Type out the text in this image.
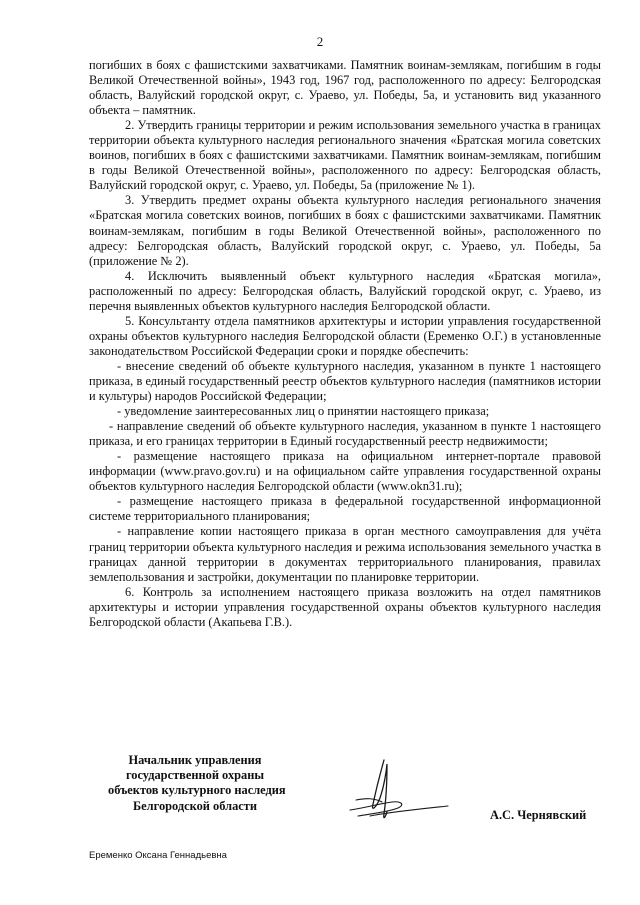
2

погибших в боях с фашистскими захватчиками. Памятник воинам-землякам, погибшим в годы Великой Отечественной войны», 1943 год, 1967 год, расположенного по адресу: Белгородская область, Валуйский городской округ, с. Ураево, ул. Победы, 5а, и установить вид указанного объекта – памятник.

2. Утвердить границы территории и режим использования земельного участка в границах территории объекта культурного наследия регионального значения «Братская могила советских воинов, погибших в боях с фашистскими захватчиками. Памятник воинам-землякам, погибшим в годы Великой Отечественной войны», расположенного по адресу: Белгородская область, Валуйский городской округ, с. Ураево, ул. Победы, 5а (приложение № 1).

3. Утвердить предмет охраны объекта культурного наследия регионального значения «Братская могила советских воинов, погибших в боях с фашистскими захватчиками. Памятник воинам-землякам, погибшим в годы Великой Отечественной войны», расположенного по адресу: Белгородская область, Валуйский городской округ, с. Ураево, ул. Победы, 5а (приложение № 2).

4. Исключить выявленный объект культурного наследия «Братская могила», расположенный по адресу: Белгородская область, Валуйский городской округ, с. Ураево, из перечня выявленных объектов культурного наследия Белгородской области.

5. Консультанту отдела памятников архитектуры и истории управления государственной охраны объектов культурного наследия Белгородской области (Еременко О.Г.) в установленные законодательством Российской Федерации сроки и порядке обеспечить:

- внесение сведений об объекте культурного наследия, указанном в пункте 1 настоящего приказа, в единый государственный реестр объектов культурного наследия (памятников истории и культуры) народов Российской Федерации;

- уведомление заинтересованных лиц о принятии настоящего приказа;

- направление сведений об объекте культурного наследия, указанном в пункте 1 настоящего приказа, и его границах территории в Единый государственный реестр недвижимости;

- размещение настоящего приказа на официальном интернет-портале правовой информации (www.pravo.gov.ru) и на официальном сайте управления государственной охраны объектов культурного наследия Белгородской области (www.okn31.ru);

- размещение настоящего приказа в федеральной государственной информационной системе территориального планирования;

- направление копии настоящего приказа в орган местного самоуправления для учёта границ территории объекта культурного наследия и режима использования земельного участка в границах данной территории в документах территориального планирования, правилах землепользования и застройки, документации по планировке территории.

6. Контроль за исполнением настоящего приказа возложить на отдел памятников архитектуры и истории управления государственной охраны объектов культурного наследия Белгородской области (Акапьева Г.В.).

Начальник управления
государственной охраны
объектов культурного наследия
Белгородской области
А.С. Чернявский
Еременко Оксана Геннадьевна
